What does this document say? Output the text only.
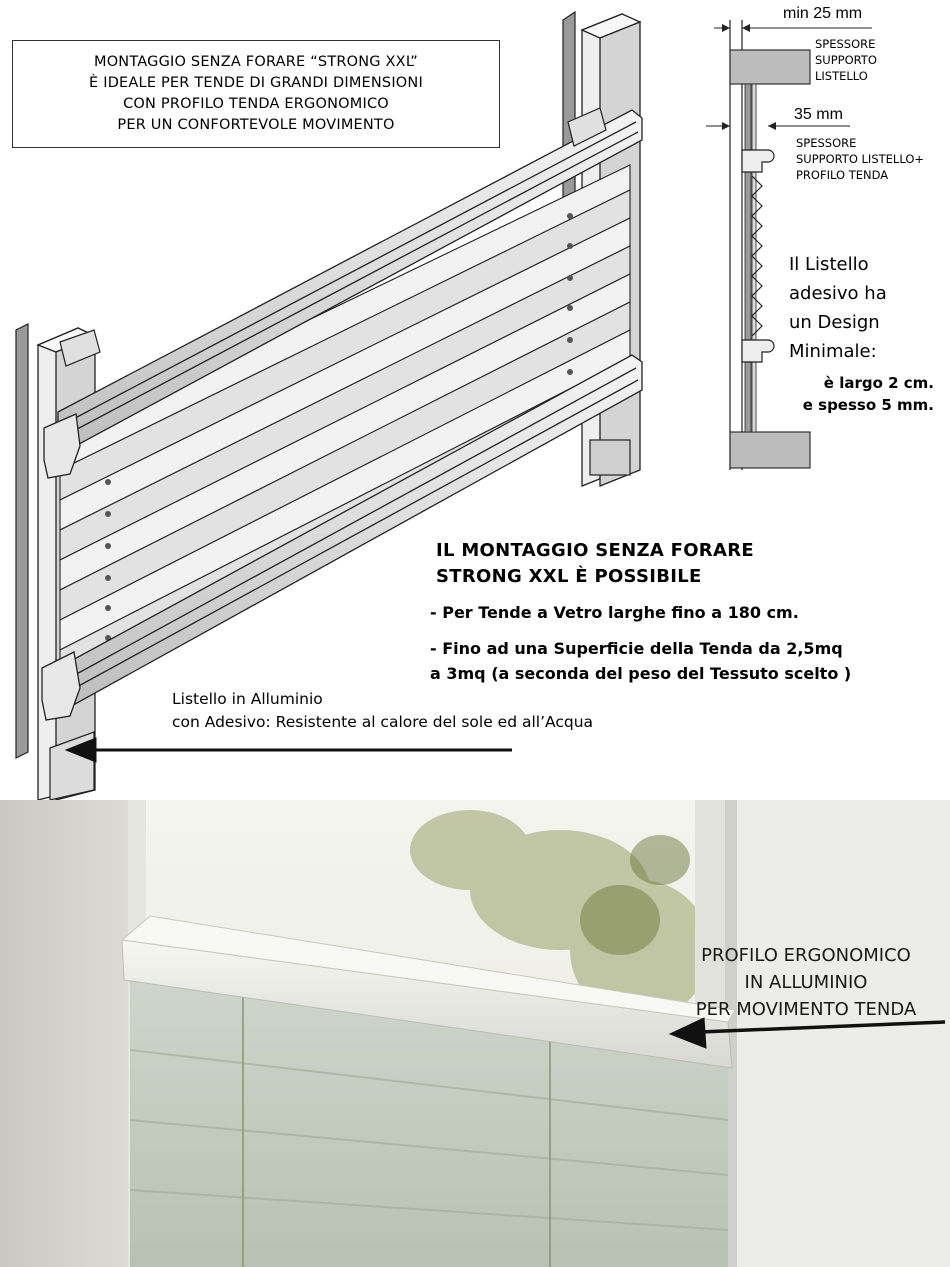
MONTAGGIO SENZA FORARE “STRONG XXL”
È IDEALE PER TENDE DI GRANDI DIMENSIONI
CON PROFILO TENDA ERGONOMICO
PER UN CONFORTEVOLE MOVIMENTO
min 25 mm
SPESSORE
SUPPORTO
LISTELLO
35 mm
SPESSORE
SUPPORTO LISTELLO+
PROFILO TENDA
Il Listello
adesivo ha
un Design
Minimale:
è largo 2 cm.
e spesso 5 mm.
IL MONTAGGIO SENZA FORARE
STRONG XXL È POSSIBILE
- Per Tende a Vetro larghe fino a 180 cm.
- Fino ad una Superficie della Tenda da 2,5mq
a 3mq (a seconda del peso del Tessuto scelto )
Listello in Alluminio
con Adesivo: Resistente al calore del sole ed all’Acqua
PROFILO ERGONOMICO
IN ALLUMINIO
PER MOVIMENTO TENDA
